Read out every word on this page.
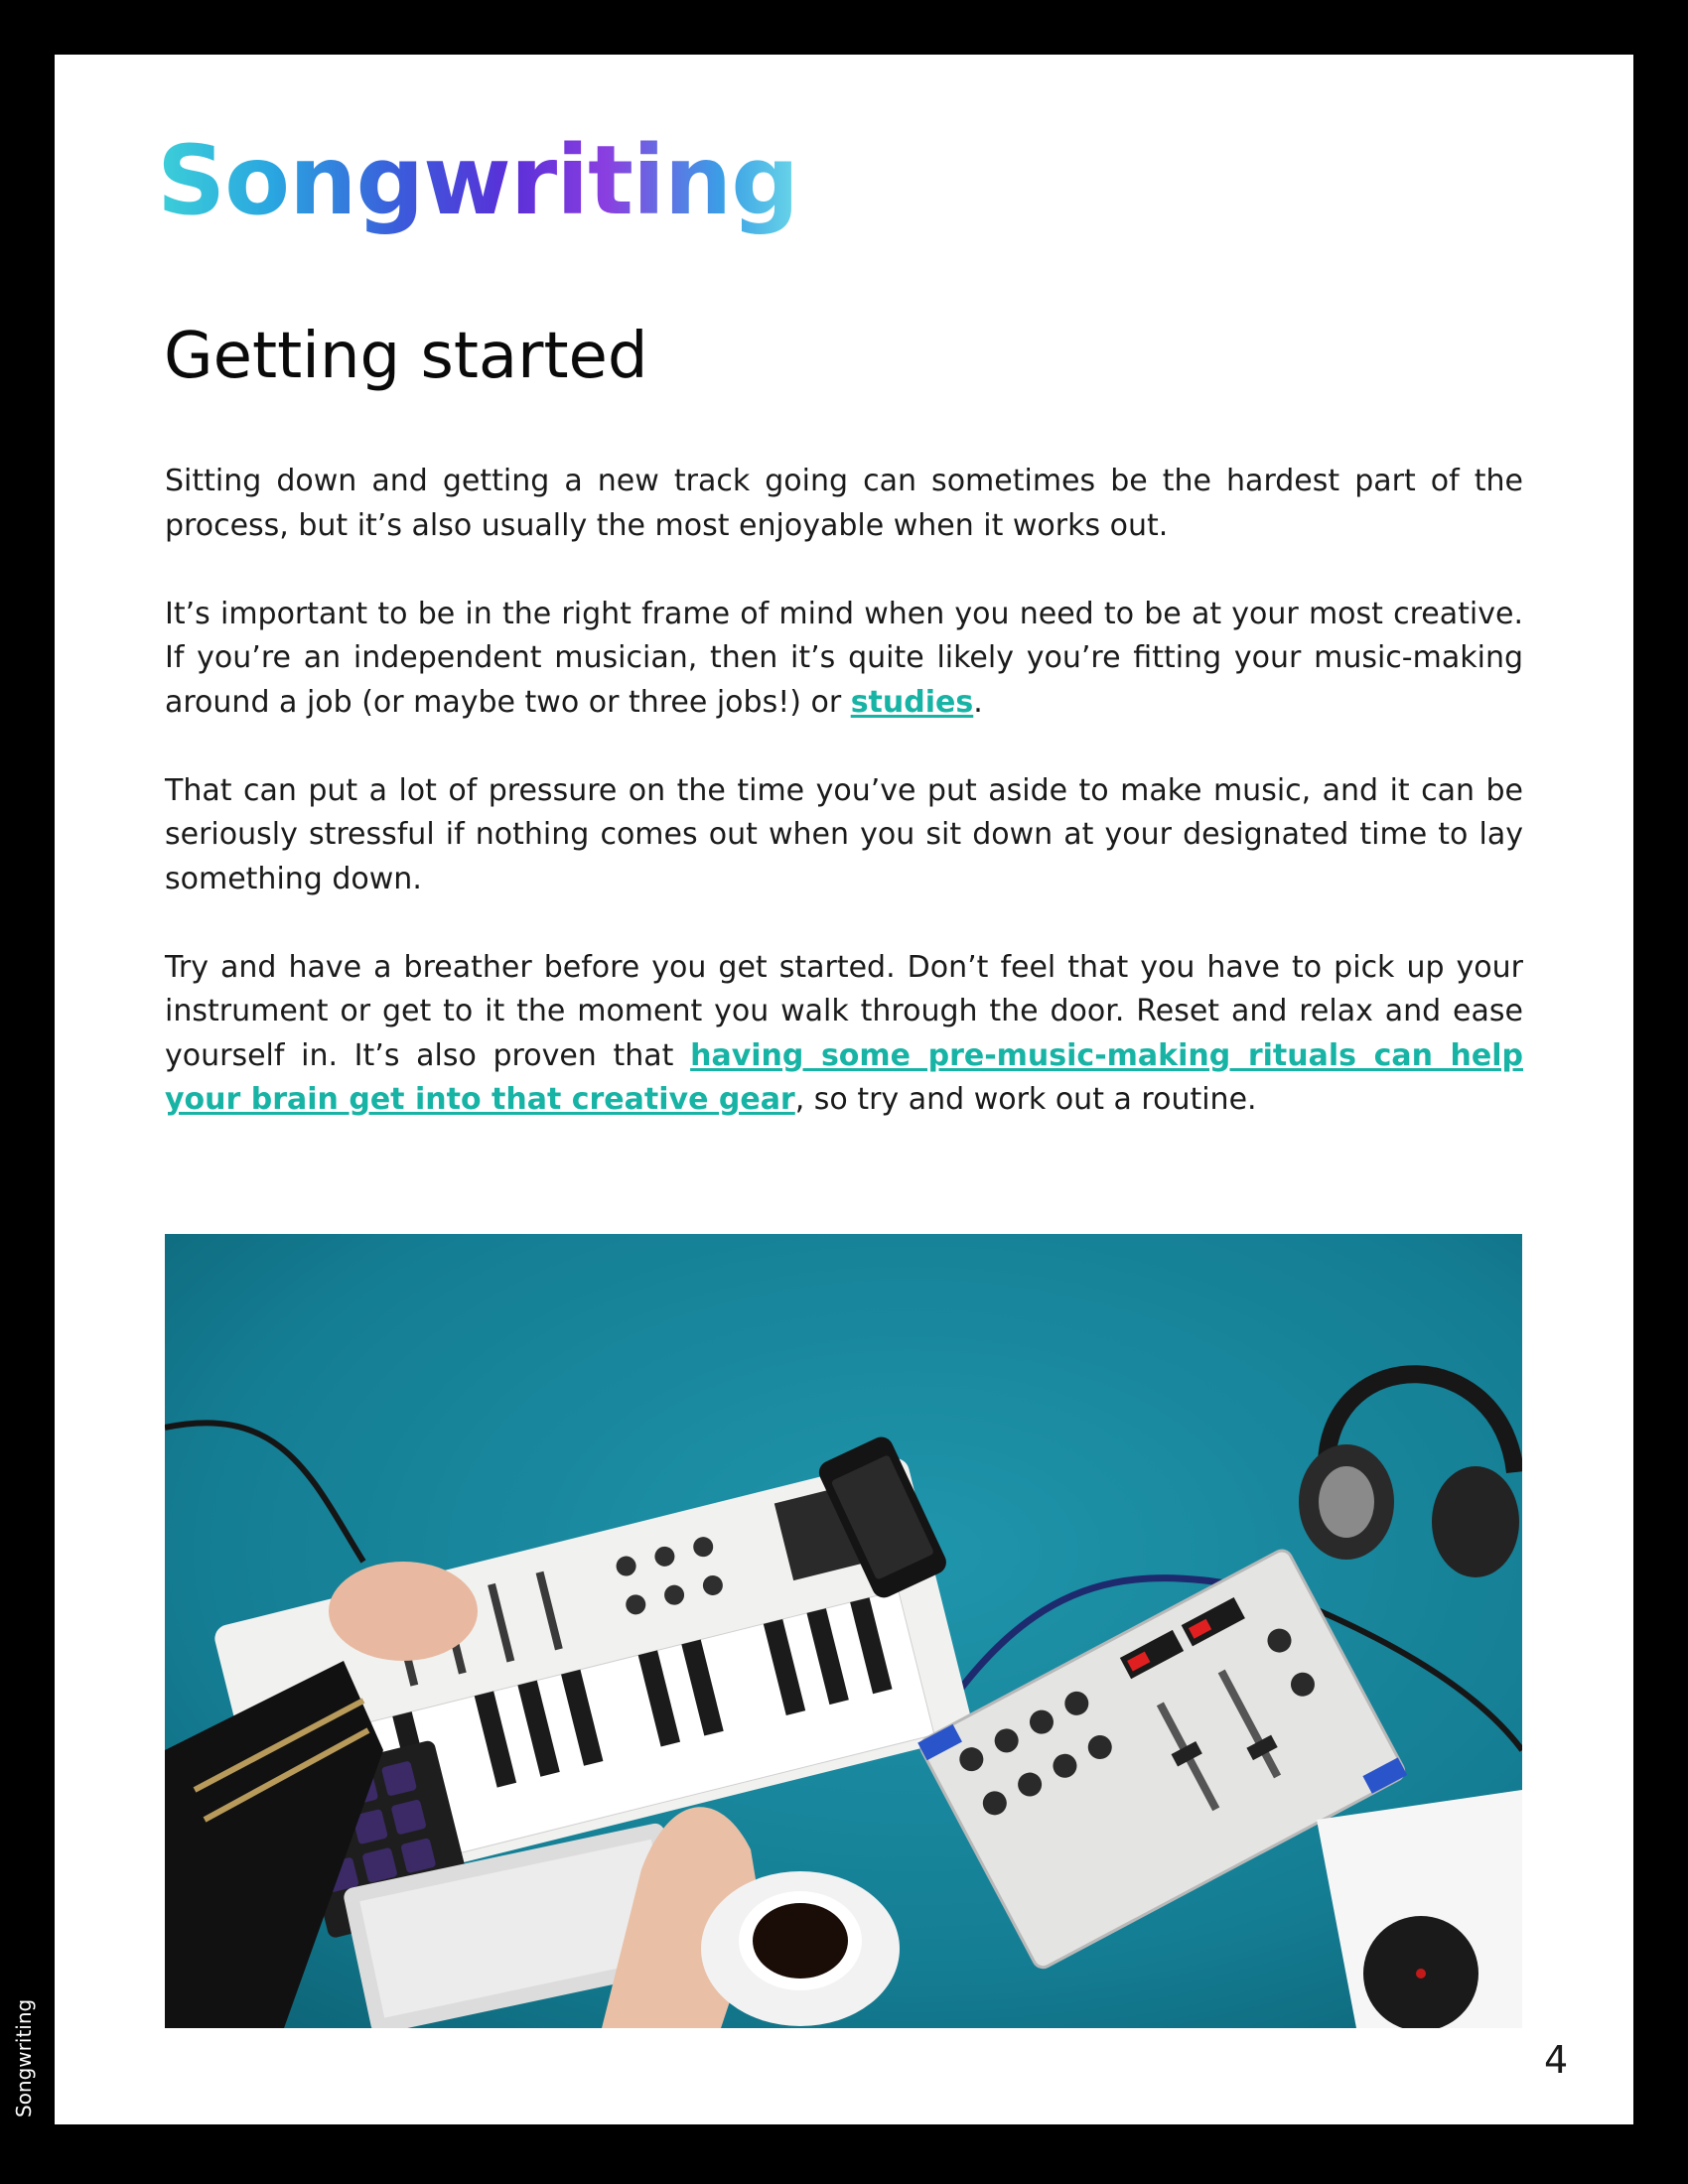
Songwriting
Getting started

Sitting down and getting a new track going can sometimes be the hardest part of the process, but it’s also usually the most enjoyable when it works out.

It’s important to be in the right frame of mind when you need to be at your most creative. If you’re an independent musician, then it’s quite likely you’re fitting your music-making around a job (or maybe two or three jobs!) or studies.

That can put a lot of pressure on the time you’ve put aside to make music, and it can be seriously stressful if nothing comes out when you sit down at your designated time to lay something down.

Try and have a breather before you get started. Don’t feel that you have to pick up your instrument or get to it the moment you walk through the door. Reset and relax and ease yourself in. It’s also proven that having some pre-music-making rituals can help your brain get into that creative gear, so try and work out a routine.

4

Songwriting
